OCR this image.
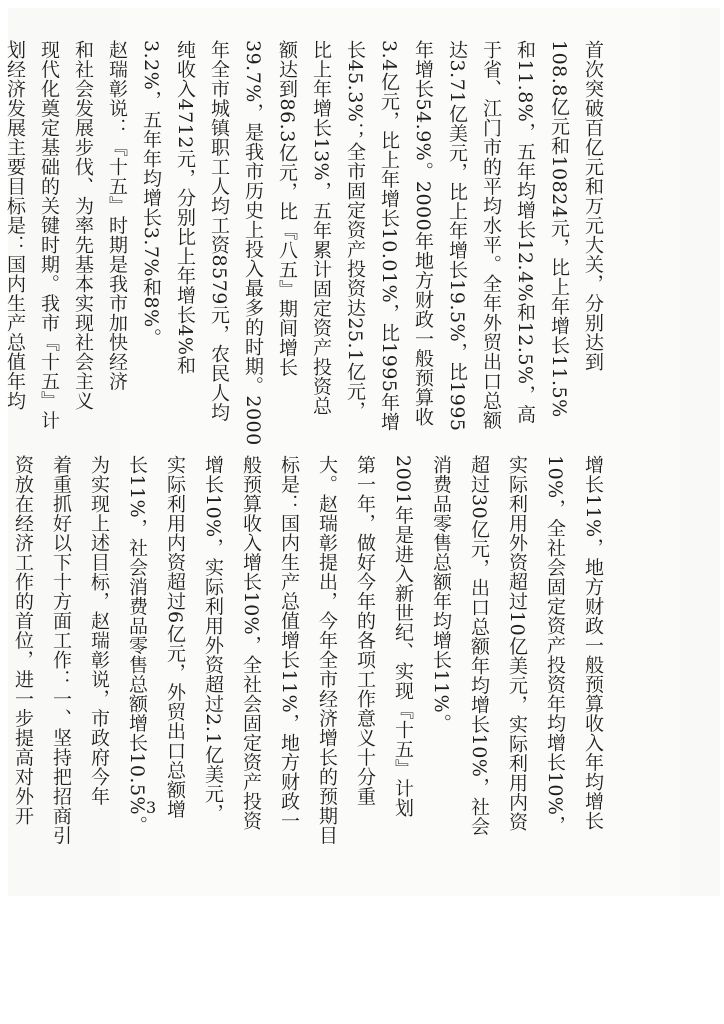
首次突破百亿元和万元大关，分别达到
108.8亿元和10824元，比上年增长11.5%
和11.8%，五年均增长12.4%和12.5%，高
于省、江门市的平均水平。全年外贸出口总额
达3.71亿美元，比上年增长19.5%，比1995
年增长54.9%。2000年地方财政一般预算收
3.4亿元，比上年增长10.01%，比1995年增
长45.3%；全市固定资产投资达25.1亿元，
比上年增长13%，五年累计固定资产投资总
额达到86.3亿元，比『八五』期间增长
39.7%，是我市历史上投入最多的时期。2000
年全市城镇职工人均工资8579元，农民人均
纯收入4712元，分别比上年增长4%和
3.2%，五年年均增长3.7%和8%。
赵瑞彰说：『十五』时期是我市加快经济
和社会发展步伐、为率先基本实现社会主义
现代化奠定基础的关键时期。我市『十五』计
划经济发展主要目标是：国内生产总值年均
增长11%，地方财政一般预算收入年均增长
10%，全社会固定资产投资年均增长10%，
实际利用外资超过10亿美元，实际利用内资
超过30亿元，出口总额年均增长10%，社会
消费品零售总额年均增长11%。
2001年是进入新世纪、实现『十五』计划
第一年，做好今年的各项工作意义十分重
大。赵瑞彰提出，今年全市经济增长的预期目
标是：国内生产总值增长11%，地方财政一
般预算收入增长10%，全社会固定资产投资
增长10%，实际利用外资超过2.1亿美元，
实际利用内资超过6亿元，外贸出口总额增
长11%，社会消费品零售总额增长10.5%。
为实现上述目标，赵瑞彰说，市政府今年
着重抓好以下十方面工作：一、坚持把招商引
资放在经济工作的首位，进一步提高对外开	3
